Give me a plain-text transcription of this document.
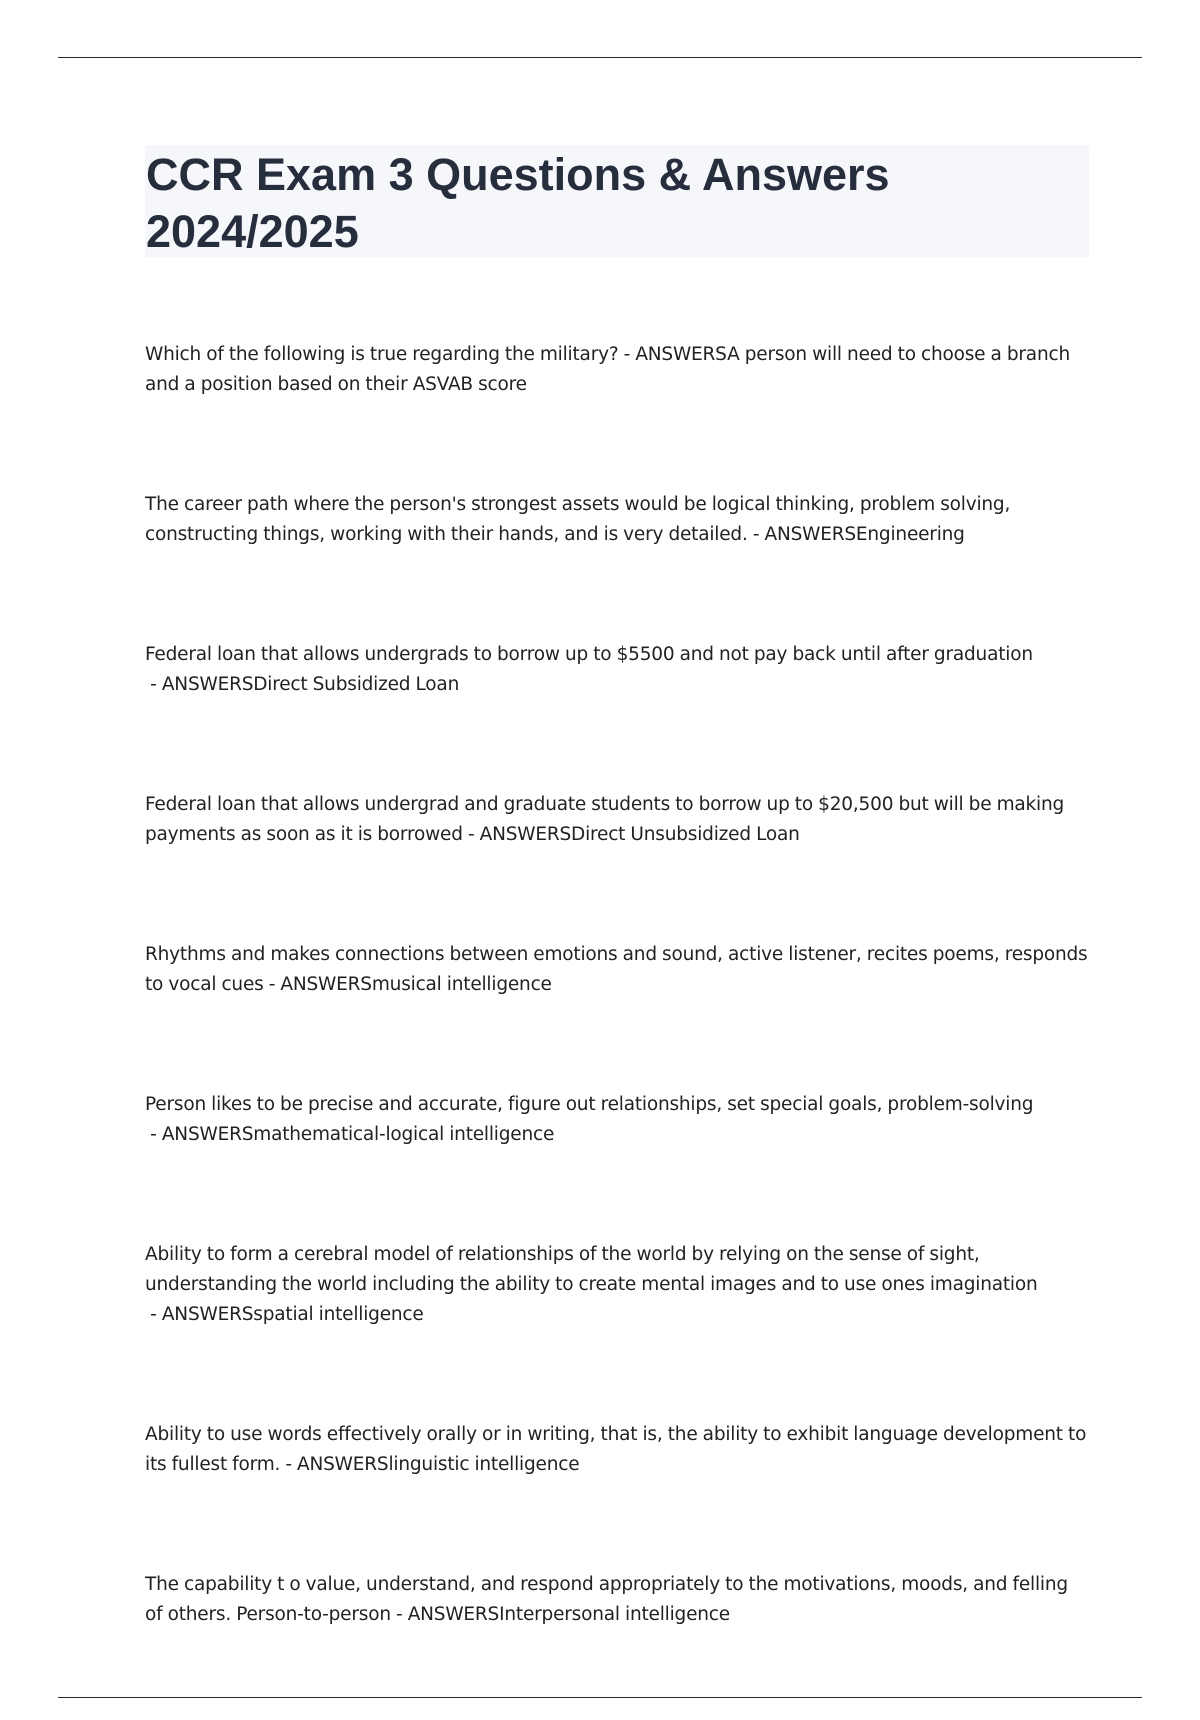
CCR Exam 3 Questions & Answers 2024/2025

Which of the following is true regarding the military? - ANSWERSA person will need to choose a branch and a position based on their ASVAB score

The career path where the person's strongest assets would be logical thinking, problem solving, constructing things, working with their hands, and is very detailed. - ANSWERSEngineering

Federal loan that allows undergrads to borrow up to $5500 and not pay back until after graduation - ANSWERSDirect Subsidized Loan

Federal loan that allows undergrad and graduate students to borrow up to $20,500 but will be making payments as soon as it is borrowed - ANSWERSDirect Unsubsidized Loan

Rhythms and makes connections between emotions and sound, active listener, recites poems, responds to vocal cues - ANSWERSmusical intelligence

Person likes to be precise and accurate, figure out relationships, set special goals, problem-solving - ANSWERSmathematical-logical intelligence

Ability to form a cerebral model of relationships of the world by relying on the sense of sight, understanding the world including the ability to create mental images and to use ones imagination - ANSWERSspatial intelligence

Ability to use words effectively orally or in writing, that is, the ability to exhibit language development to its fullest form. - ANSWERSlinguistic intelligence

The capability t o value, understand, and respond appropriately to the motivations, moods, and felling of others. Person-to-person - ANSWERSInterpersonal intelligence
